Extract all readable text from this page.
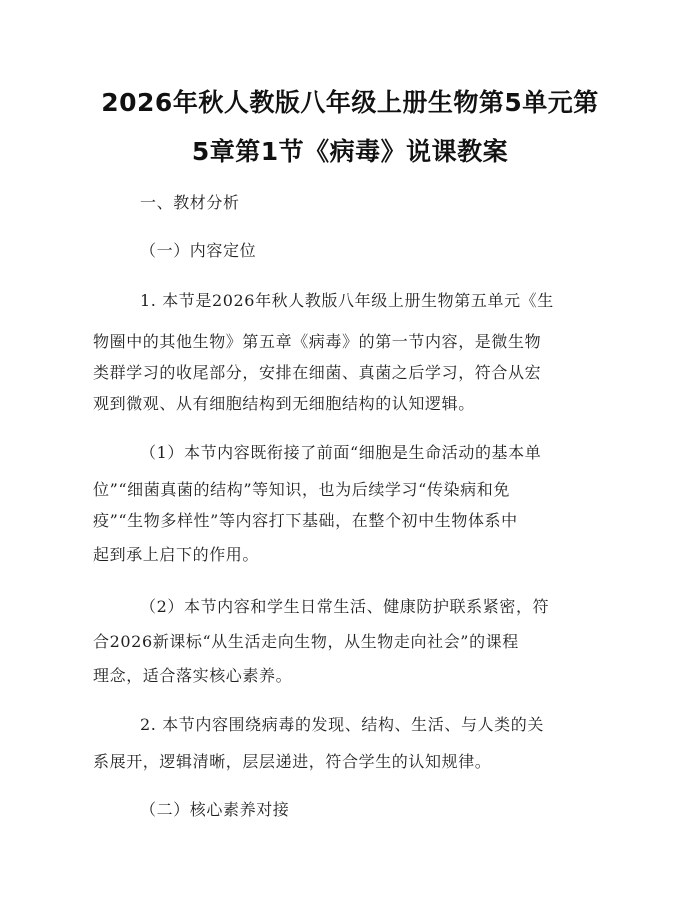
2026年秋人教版八年级上册生物第5单元第
5章第1节《病毒》说课教案

一、教材分析

（一）内容定位

1. 本节是2026年秋人教版八年级上册生物第五单元《生

物圈中的其他生物》第五章《病毒》的第一节内容，是微生物

类群学习的收尾部分，安排在细菌、真菌之后学习，符合从宏

观到微观、从有细胞结构到无细胞结构的认知逻辑。

（1）本节内容既衔接了前面“细胞是生命活动的基本单

位”“细菌真菌的结构”等知识，也为后续学习“传染病和免

疫”“生物多样性”等内容打下基础，在整个初中生物体系中

起到承上启下的作用。

（2）本节内容和学生日常生活、健康防护联系紧密，符

合2026新课标“从生活走向生物，从生物走向社会”的课程

理念，适合落实核心素养。

2. 本节内容围绕病毒的发现、结构、生活、与人类的关

系展开，逻辑清晰，层层递进，符合学生的认知规律。

（二）核心素养对接
